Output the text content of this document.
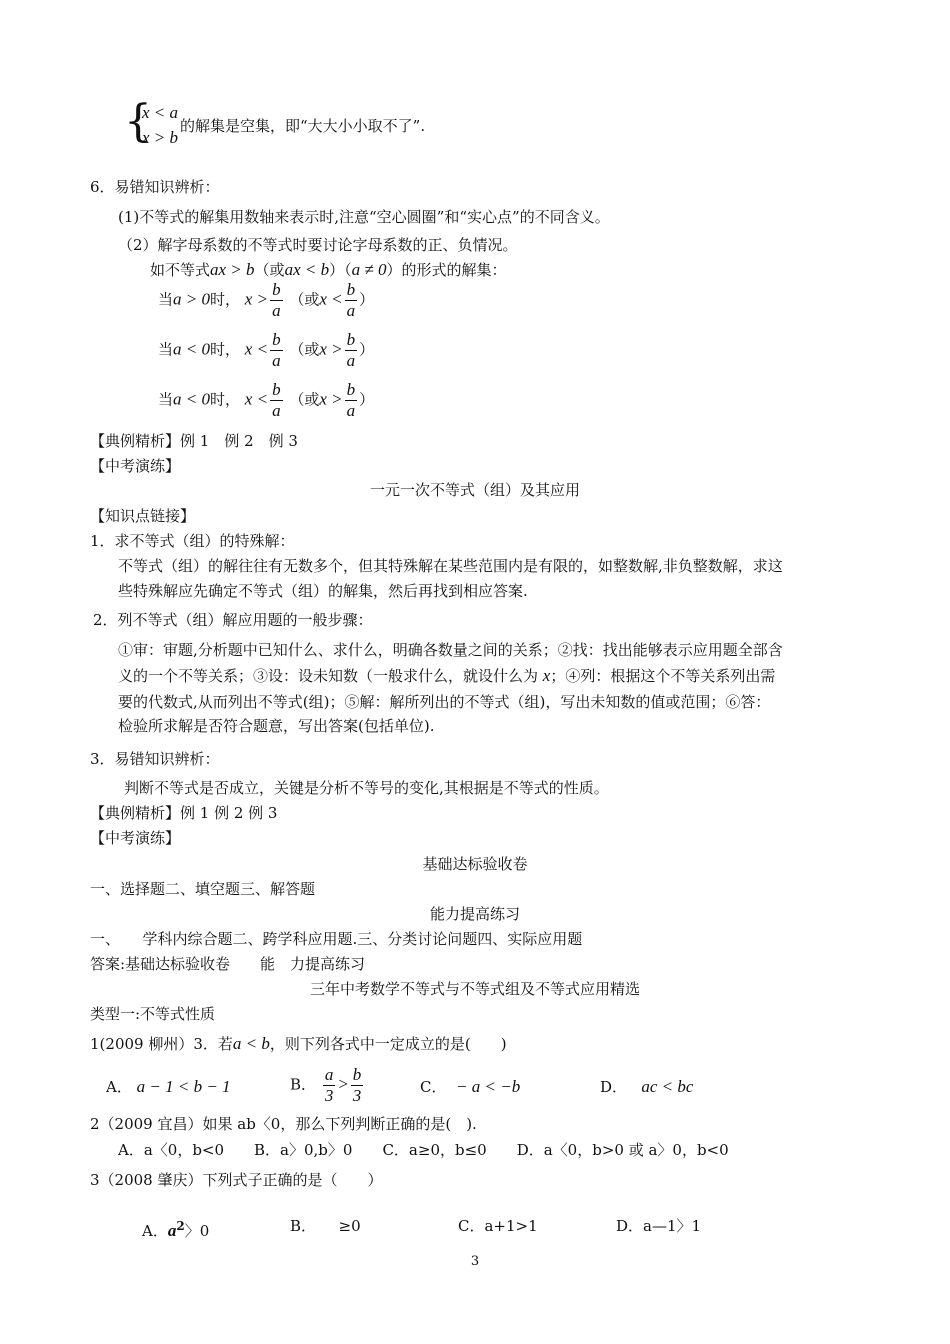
{
x < a
x > b
的解集是空集，即“大大小小取不了”.
6．易错知识辨析：
(1)不等式的解集用数轴来表示时,注意“空心圆圈”和“实心点”的不同含义。
（2）解字母系数的不等式时要讨论字母系数的正、负情况。
如不等式ax > b（或ax < b）（a ≠ 0）的形式的解集：
当a > 0时， $x > \frac{b}{a}$ （或$x < \frac{b}{a}$ ）
当a < 0时， $x < \frac{b}{a}$ （或$x > \frac{b}{a}$ ）
当a < 0时， $x < \frac{b}{a}$ （或$x > \frac{b}{a}$ ）
【典例精析】例 1　例 2　例 3
【中考演练】
一元一次不等式（组）及其应用
【知识点链接】
1．求不等式（组）的特殊解：
不等式（组）的解往往有无数多个，但其特殊解在某些范围内是有限的，如整数解,非负整数解，求这
些特殊解应先确定不等式（组）的解集，然后再找到相应答案.
2．列不等式（组）解应用题的一般步骤：
①审：审题,分析题中已知什么、求什么，明确各数量之间的关系；②找：找出能够表示应用题全部含
义的一个不等关系；③设：设未知数（一般求什么，就设什么为 x；④列：根据这个不等关系列出需
要的代数式,从而列出不等式(组)；⑤解：解所列出的不等式（组)，写出未知数的值或范围；⑥答：
检验所求解是否符合题意，写出答案(包括单位).
3．易错知识辨析：
判断不等式是否成立，关键是分析不等号的变化,其根据是不等式的性质。
【典例精析】例 1 例 2 例 3
【中考演练】
基础达标验收卷
一、选择题二、填空题三、解答题
能力提高练习
一、　　学科内综合题二、跨学科应用题.三、分类讨论问题四、实际应用题
答案:基础达标验收卷　　能　力提高练习
三年中考数学不等式与不等式组及不等式应用精选
类型一:不等式性质
1(2009 柳州）3．若a < b，则下列各式中一定成立的是(　　)
A． a − 1 < b − 1	B． $\frac{a}{3} > \frac{b}{3}$	C． − a < −b	D． ac < bc
2（2009 宜昌）如果 ab〈0，那么下列判断正确的是(　).
A．a〈0，b<0　　B．a〉0,b〉0　　C．a≥0，b≤0　　D．a〈0，b>0 或 a〉0，b<0
3（2008 肇庆）下列式子正确的是（　　）
A．$a^2$〉0	B．　　≥0	C．a+1>1	D．a—1〉1
3
